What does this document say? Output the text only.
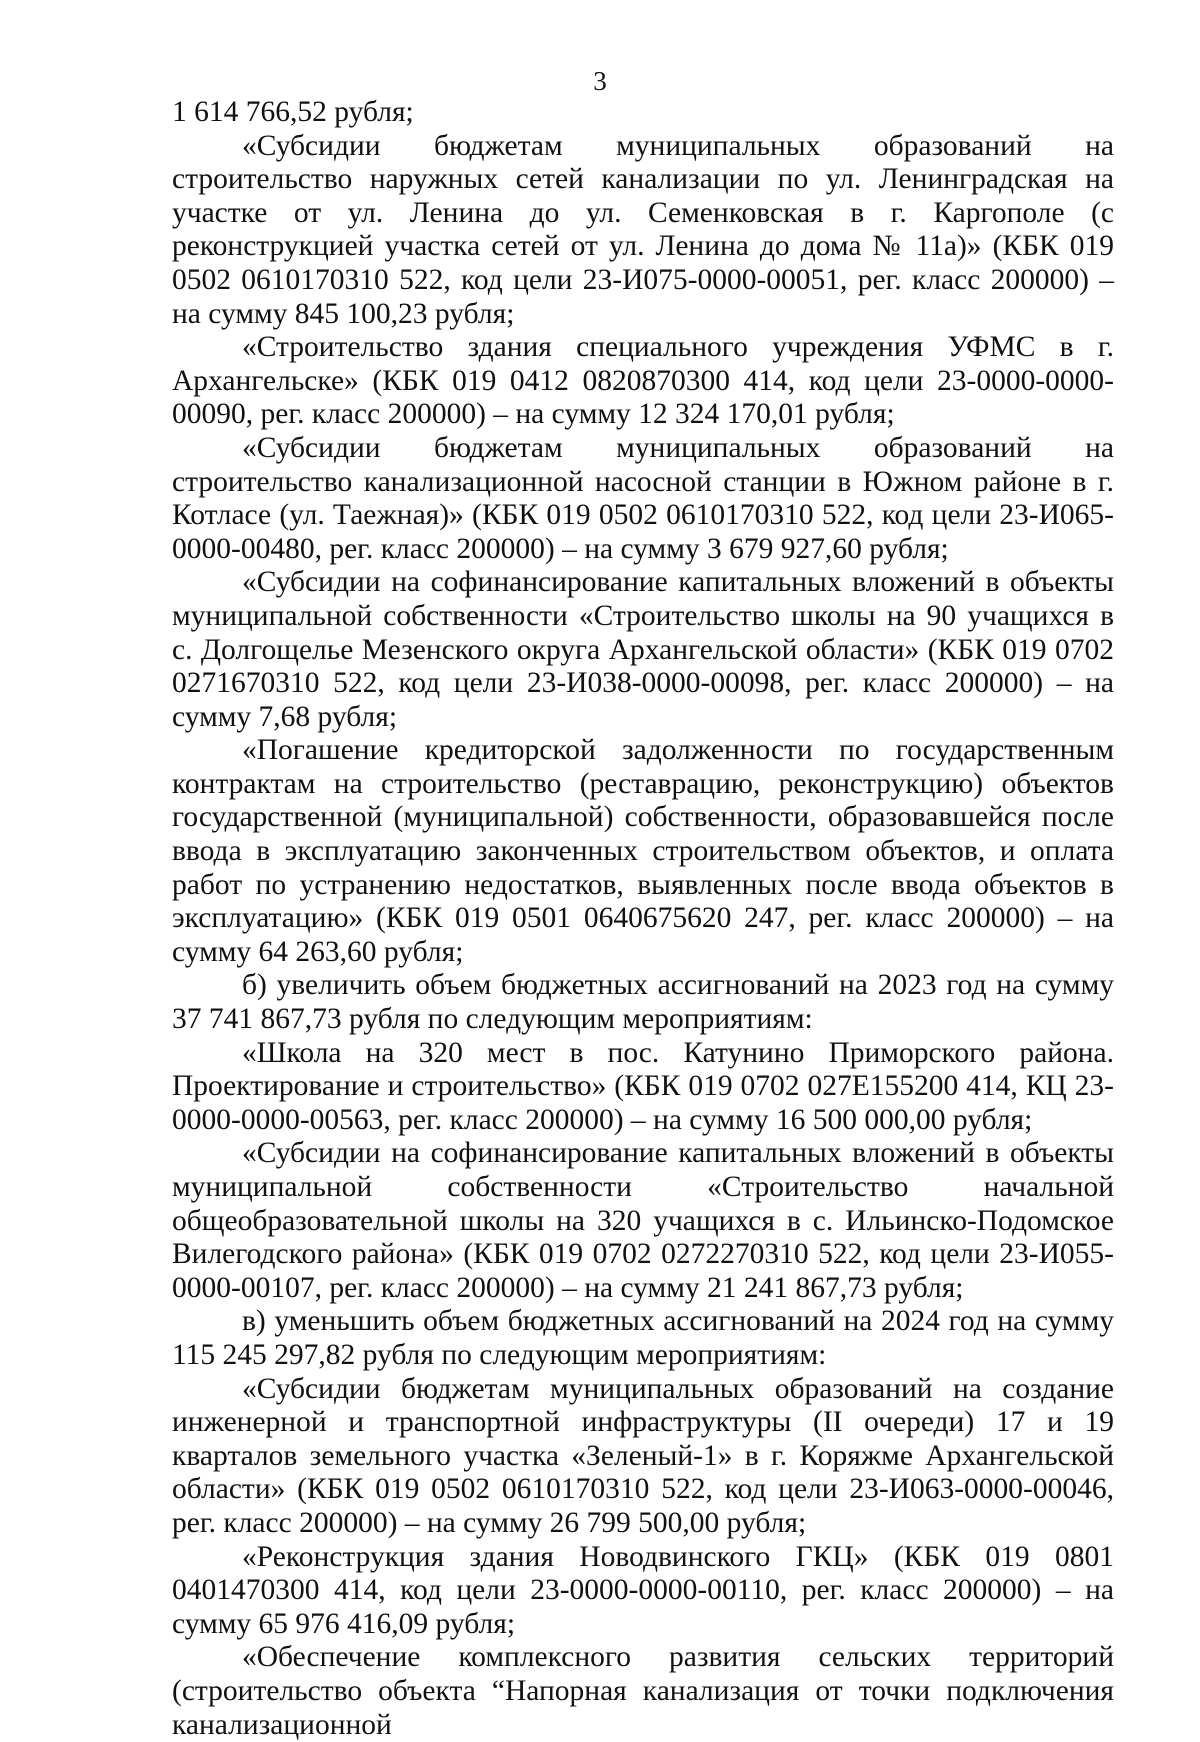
3

1 614 766,52 рубля;

«Субсидии бюджетам муниципальных образований на строительство наружных сетей канализации по ул. Ленинградская на участке от ул. Ленина до ул. Семенковская в г. Каргополе (с реконструкцией участка сетей от ул. Ленина до дома № 11а)» (КБК 019 0502 0610170310 522, код цели 23-И075-0000-00051, рег. класс 200000) – на сумму 845 100,23 рубля;

«Строительство здания специального учреждения УФМС в г. Архангельске» (КБК 019 0412 0820870300 414, код цели 23-0000-0000-00090, рег. класс 200000) – на сумму 12 324 170,01 рубля;

«Субсидии бюджетам муниципальных образований на строительство канализационной насосной станции в Южном районе в г. Котласе (ул. Таежная)» (КБК 019 0502 0610170310 522, код цели 23-И065-0000-00480, рег. класс 200000) – на сумму 3 679 927,60 рубля;

«Субсидии на софинансирование капитальных вложений в объекты муниципальной собственности «Строительство школы на 90 учащихся в с. Долгощелье Мезенского округа Архангельской области» (КБК 019 0702 0271670310 522, код цели 23-И038-0000-00098, рег. класс 200000) – на сумму 7,68 рубля;

«Погашение кредиторской задолженности по государственным контрактам на строительство (реставрацию, реконструкцию) объектов государственной (муниципальной) собственности, образовавшейся после ввода в эксплуатацию законченных строительством объектов, и оплата работ по устранению недостатков, выявленных после ввода объектов в эксплуатацию» (КБК 019 0501 0640675620 247, рег. класс 200000) – на сумму 64 263,60 рубля;

б) увеличить объем бюджетных ассигнований на 2023 год на сумму 37 741 867,73 рубля по следующим мероприятиям:

«Школа на 320 мест в пос. Катунино Приморского района. Проектирование и строительство» (КБК 019 0702 027Е155200 414, КЦ 23-0000-0000-00563, рег. класс 200000) – на сумму 16 500 000,00 рубля;

«Субсидии на софинансирование капитальных вложений в объекты муниципальной собственности «Строительство начальной общеобразовательной школы на 320 учащихся в с. Ильинско-Подомское Вилегодского района» (КБК 019 0702 0272270310 522, код цели 23-И055-0000-00107, рег. класс 200000) – на сумму 21 241 867,73 рубля;

в) уменьшить объем бюджетных ассигнований на 2024 год на сумму 115 245 297,82 рубля по следующим мероприятиям:

«Субсидии бюджетам муниципальных образований на создание инженерной и транспортной инфраструктуры (II очереди) 17 и 19 кварталов земельного участка «Зеленый-1» в г. Коряжме Архангельской области» (КБК 019 0502 0610170310 522, код цели 23-И063-0000-00046, рег. класс 200000) – на сумму 26 799 500,00 рубля;

«Реконструкция здания Новодвинского ГКЦ» (КБК 019 0801 0401470300 414, код цели 23-0000-0000-00110, рег. класс 200000) – на сумму 65 976 416,09 рубля;

«Обеспечение комплексного развития сельских территорий (строительство объекта “Напорная канализация от точки подключения канализационной
